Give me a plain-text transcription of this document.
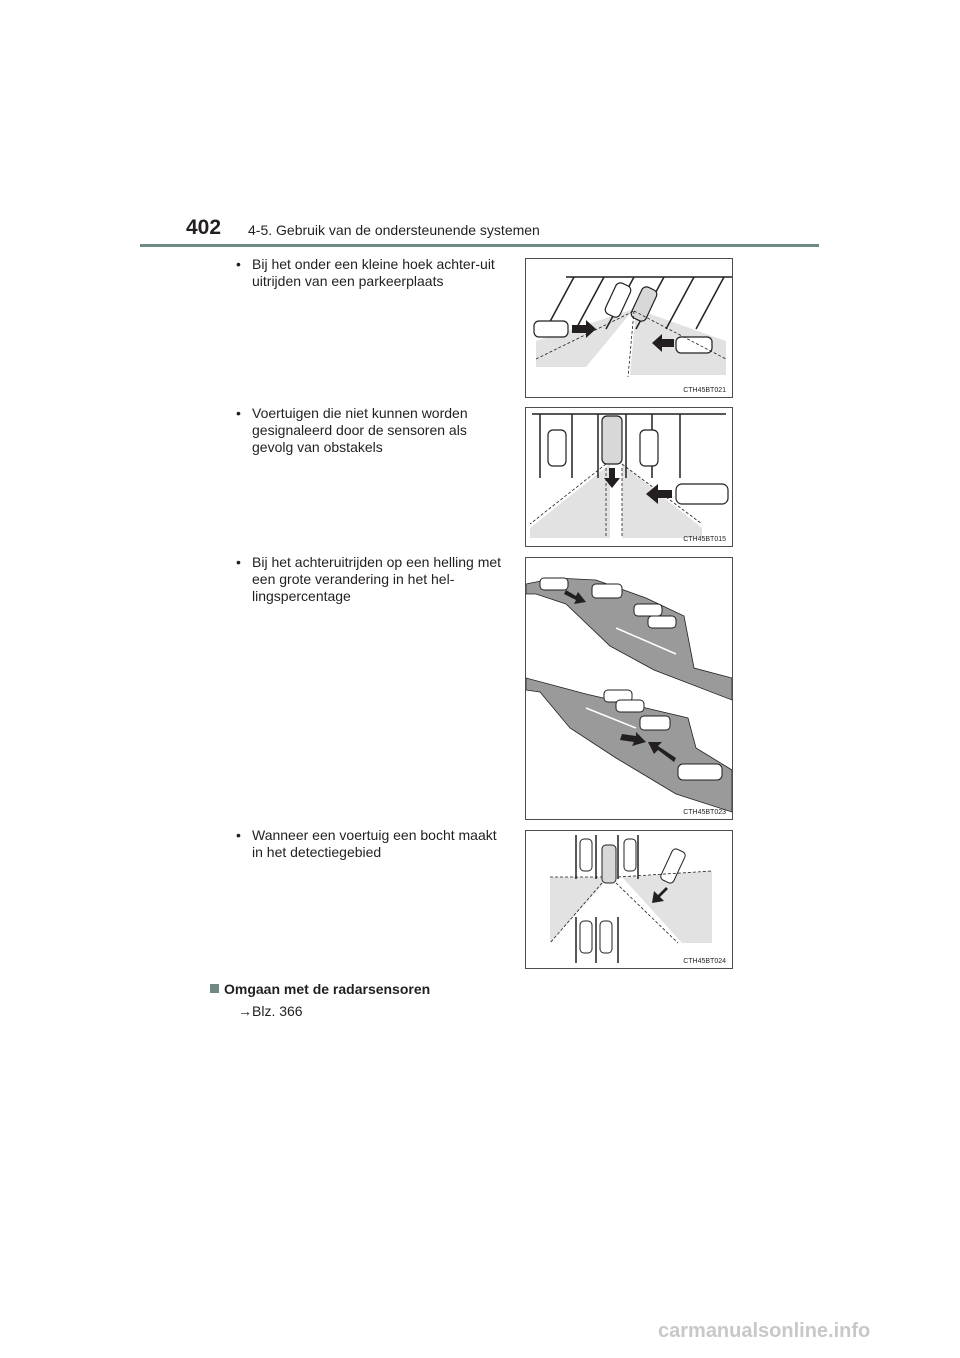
402 4-5. Gebruik van de ondersteunende systemen
• Bij het onder een kleine hoek achter-uit uitrijden van een parkeerplaats
CTH45BT021
• Voertuigen die niet kunnen worden gesignaleerd door de sensoren als gevolg van obstakels
CTH45BT015
• Bij het achteruitrijden op een helling met een grote verandering in het hel-lingspercentage
CTH45BT023
• Wanneer een voertuig een bocht maakt in het detectiegebied
CTH45BT024
Omgaan met de radarsensoren
→Blz. 366
carmanualsonline.info
